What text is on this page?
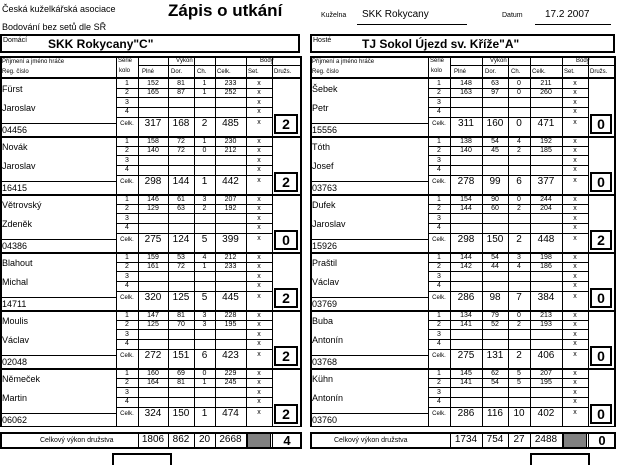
Česká kuželkářská asociace
Bodování bez setů dle SŘ
Zápis o utkání	Kuželna SKK Rokycany	Datum 17.2 2007
Domácí SKK Rokycany"C"	Hosté	TJ Sokol Újezd sv. Kříže"A"
Příjmení a jméno hráče
Reg. číslo
Série
kolo
Výkon
Plné	Dor. Ch. Celk.
Body
Set.	Družs.
Fürst
Jaroslav
04456
1	152	81	1	233	x
2	165	87	1	252	x
3	x
4	x
Celk.	317	168	2	485	x	2
Novák
Jaroslav
16415
1	158	72	1	230	x
2	140	72	0	212	x
3	x
4	x
Celk.	298	144	1	442	x	2
Větrovský
Zdeněk
04386
1	146	61	3	207	x
2	129	63	2	192	x
3	x
4	x
Celk.	275	124	5	399	x	0
Blahout
Michal
14711
1	159	53	4	212	x
2	161	72	1	233	x
3	x
4	x
Celk.	320	125	5	445	x	2
Moulis
Václav
02048
1	147	81	3	228	x
2	125	70	3	195	x
3	x
4	x
Celk.	272	151	6	423	x	2
Němeček
Martin
06062
1	160	69	0	229	x
2	164	81	1	245	x
3	x
4	x
Celk.	324	150	1	474	x	2
Celkový výkon družstva	1806 862 20 2668	4
Příjmení a jméno hráče
Reg. číslo
Série
kolo
Výkon
Plné	Dor. Ch. Celk.
Body
Set.	Družs.
Šebek
Petr
15556
1	148	63	0	211	x
2	163	97	0	260	x
3	x
4	x
Celk.	311	160	0	471	x	0
Tóth
Josef
03763
1	138	54	4	192	x
2	140	45	2	185	x
3	x
4	x
Celk.	278	99	6	377	x	0
Dufek
Jaroslav
15926
1	154	90	0	244	x
2	144	60	2	204	x
3	x
4	x
Celk.	298	150	2	448	x	2
Praštil
Václav
03769
1	144	54	3	198	x
2	142	44	4	186	x
3	x
4	x
Celk.	286	98	7	384	x	0
Buba
Antonín
03768
1	134	79	0	213	x
2	141	52	2	193	x
3	x
4	x
Celk.	275	131	2	406	x	0
Kühn
Antonín
03760
1	145	62	5	207	x
2	141	54	5	195	x
3	x
4	x
Celk.	286	116	10	402	x	0
Celkový výkon družstva	1734 754	27	2488	0
